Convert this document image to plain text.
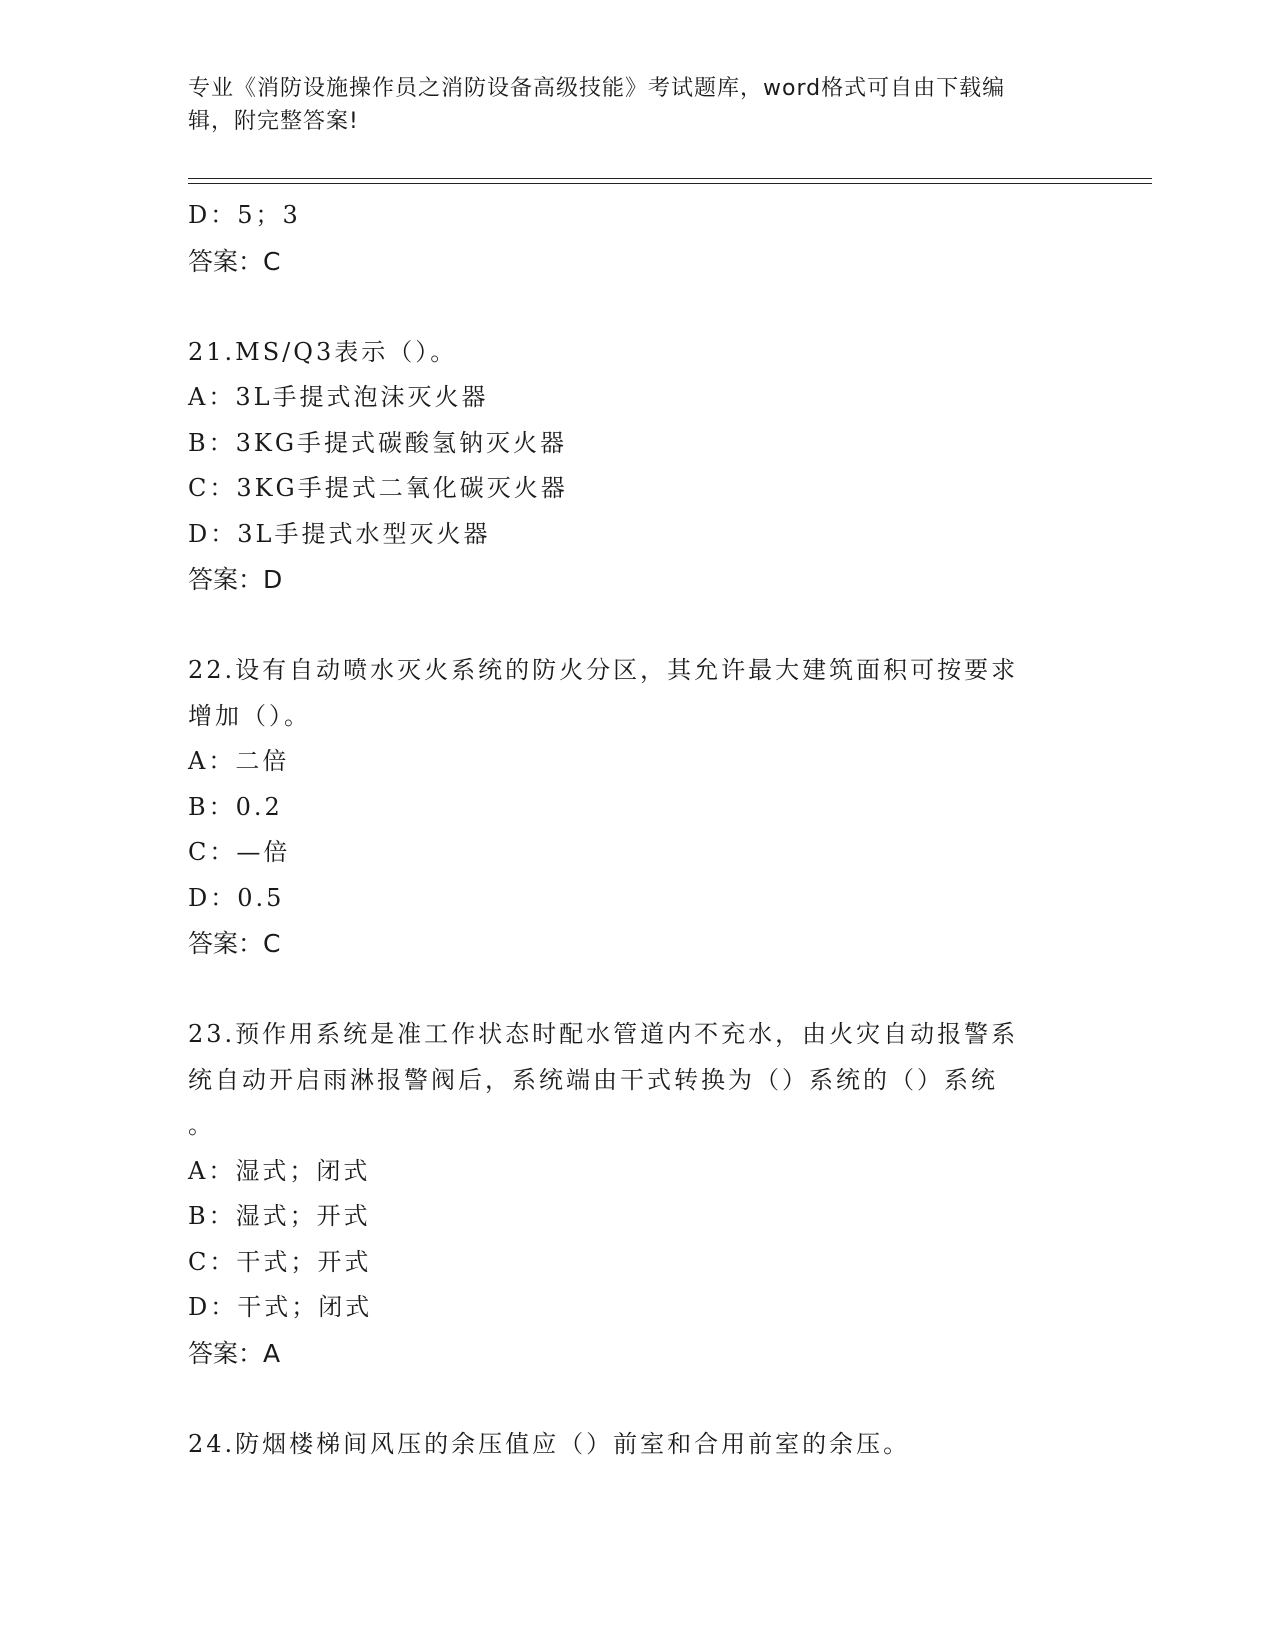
专业《消防设施操作员之消防设备高级技能》考试题库，word格式可自由下载编
辑，附完整答案!
D：5；3
答案：C
21.MS/Q3表示（）。
A：3L手提式泡沫灭火器
B：3KG手提式碳酸氢钠灭火器
C：3KG手提式二氧化碳灭火器
D：3L手提式水型灭火器
答案：D
22.设有自动喷水灭火系统的防火分区，其允许最大建筑面积可按要求
增加（）。
A：二倍
B：0.2
C：—倍
D：0.5
答案：C
23.预作用系统是准工作状态时配水管道内不充水，由火灾自动报警系
统自动开启雨淋报警阀后，系统端由干式转换为（）系统的（）系统
。
A：湿式；闭式
B：湿式；开式
C：干式；开式
D：干式；闭式
答案：A
24.防烟楼梯间风压的余压值应（）前室和合用前室的余压。
